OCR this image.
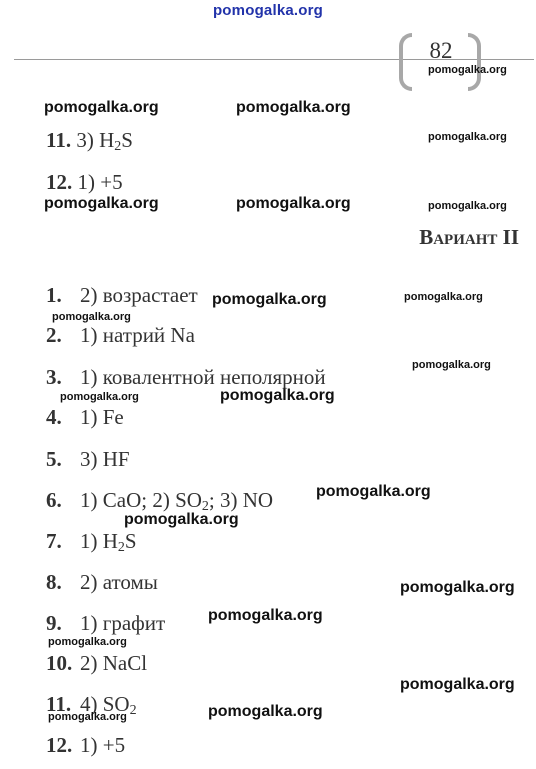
pomogalka.org
82
11. 3) $H_2S$
12. 1) +5
Вариант II
1. 2) возрастает
2. 1) натрий Na
3. 1) ковалентной неполярной
4. 1) Fe
5. 3) HF
6. 1) CaO; 2) $SO_2$; 3) NO
7. 1) $H_2S$
8. 2) атомы
9. 1) графит
10. 2) NaCl
11. 4) $SO_2$
12. 1) +5
pomogalka.org
pomogalka.org	pomogalka.org
pomogalka.org
pomogalka.org	pomogalka.org	pomogalka.org
pomogalka.org	pomogalka.org
pomogalka.org
pomogalka.org
pomogalka.org	pomogalka.org
pomogalka.org
pomogalka.org
pomogalka.org
pomogalka.org
pomogalka.org
pomogalka.org
pomogalka.org
pomogalka.org
